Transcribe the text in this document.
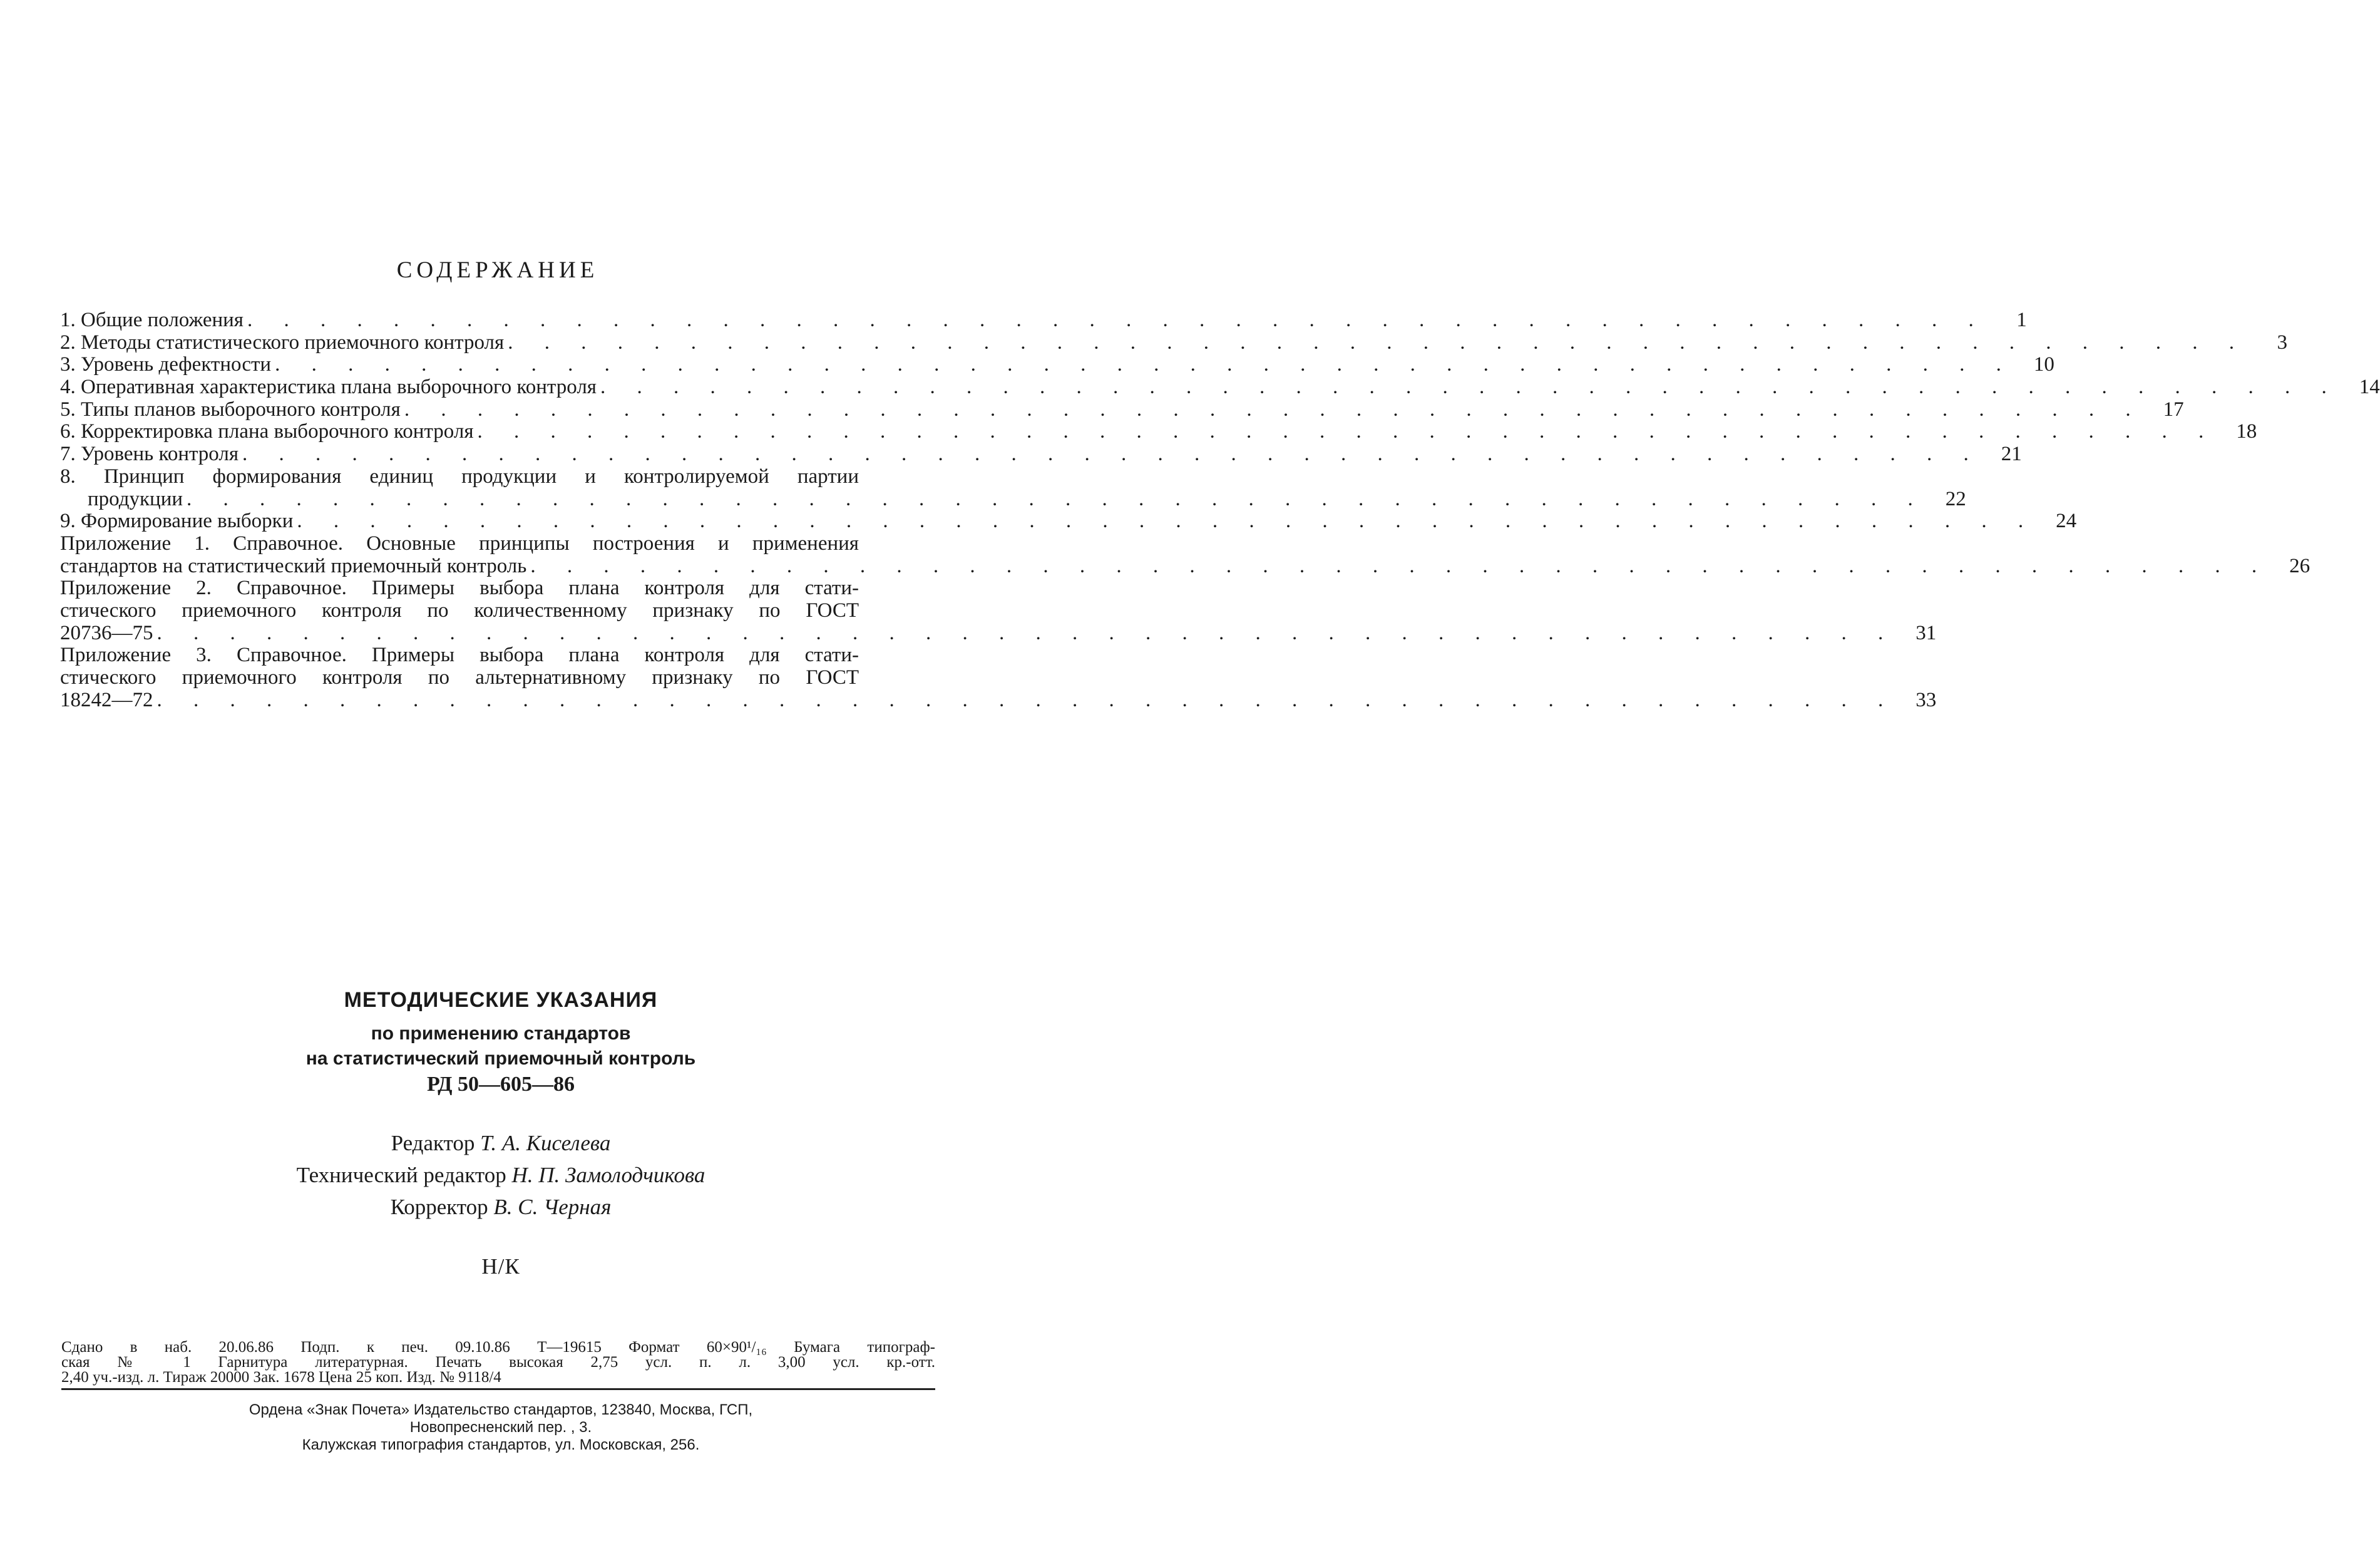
СОДЕРЖАНИЕ
1. Общие положения . . . . . . . . . . . . . . . . . . . . . . . . . . . . . . . . . . . . . . . . . . . . . . . .	1
2. Методы статистического приемочного контроля . . . . . . . . . . . . . . . . . . . . . . . . . . . . . . . . . . . . . . . . . . . . . . . .	3
3. Уровень дефектности . . . . . . . . . . . . . . . . . . . . . . . . . . . . . . . . . . . . . . . . . . . . . . . . 10
4. Оперативная характеристика плана выборочного контроля . . . . . . . . . . . . . . . . . . . . . . . . . . . . . . . . . . . . . . . . . . . . . . . . 14
5. Типы планов выборочного контроля . . . . . . . . . . . . . . . . . . . . . . . . . . . . . . . . . . . . . . . . . . . . . . . . 17
6. Корректировка плана выборочного контроля . . . . . . . . . . . . . . . . . . . . . . . . . . . . . . . . . . . . . . . . . . . . . . . . 18
7. Уровень контроля . . . . . . . . . . . . . . . . . . . . . . . . . . . . . . . . . . . . . . . . . . . . . . . . 21
8. Принцип формирования единиц продукции и контролируемой партии
продукции . . . . . . . . . . . . . . . . . . . . . . . . . . . . . . . . . . . . . . . . . . . . . . . . 22
9. Формирование выборки . . . . . . . . . . . . . . . . . . . . . . . . . . . . . . . . . . . . . . . . . . . . . . . . 24
Приложение 1. Справочное. Основные принципы построения и применения
стандартов на статистический приемочный контроль . . . . . . . . . . . . . . . . . . . . . . . . . . . . . . . . . . . . . . . . . . . . . . . . 26
Приложение 2. Справочное. Примеры выбора плана контроля для стати-
стического приемочного контроля по количественному признаку по ГОСТ
20736—75 . . . . . . . . . . . . . . . . . . . . . . . . . . . . . . . . . . . . . . . . . . . . . . . . 31
Приложение 3. Справочное. Примеры выбора плана контроля для стати-
стического приемочного контроля по альтернативному признаку по ГОСТ
18242—72 . . . . . . . . . . . . . . . . . . . . . . . . . . . . . . . . . . . . . . . . . . . . . . . . 33
МЕТОДИЧЕСКИЕ УКАЗАНИЯ
по применению стандартов
на статистический приемочный контроль
РД 50—605—86
Редактор Т. А. Киселева
Технический редактор Н. П. Замолодчикова
Корректор В. С. Черная
Н/К
Сдано в наб. 20.06.86 Подп. к печ. 09.10.86 Т—19615 Формат 60×90¹/₁₆ Бумага типограф-
ская № 1 Гарнитура литературная. Печать высокая 2,75 усл. п. л. 3,00 усл. кр.-отт.
2,40 уч.-изд. л. Тираж 20000 Зак. 1678 Цена 25 коп. Изд. № 9118/4
Ордена «Знак Почета» Издательство стандартов, 123840, Москва, ГСП,
Новопресненский пер. , 3.
Калужская типография стандартов, ул. Московская, 256.
